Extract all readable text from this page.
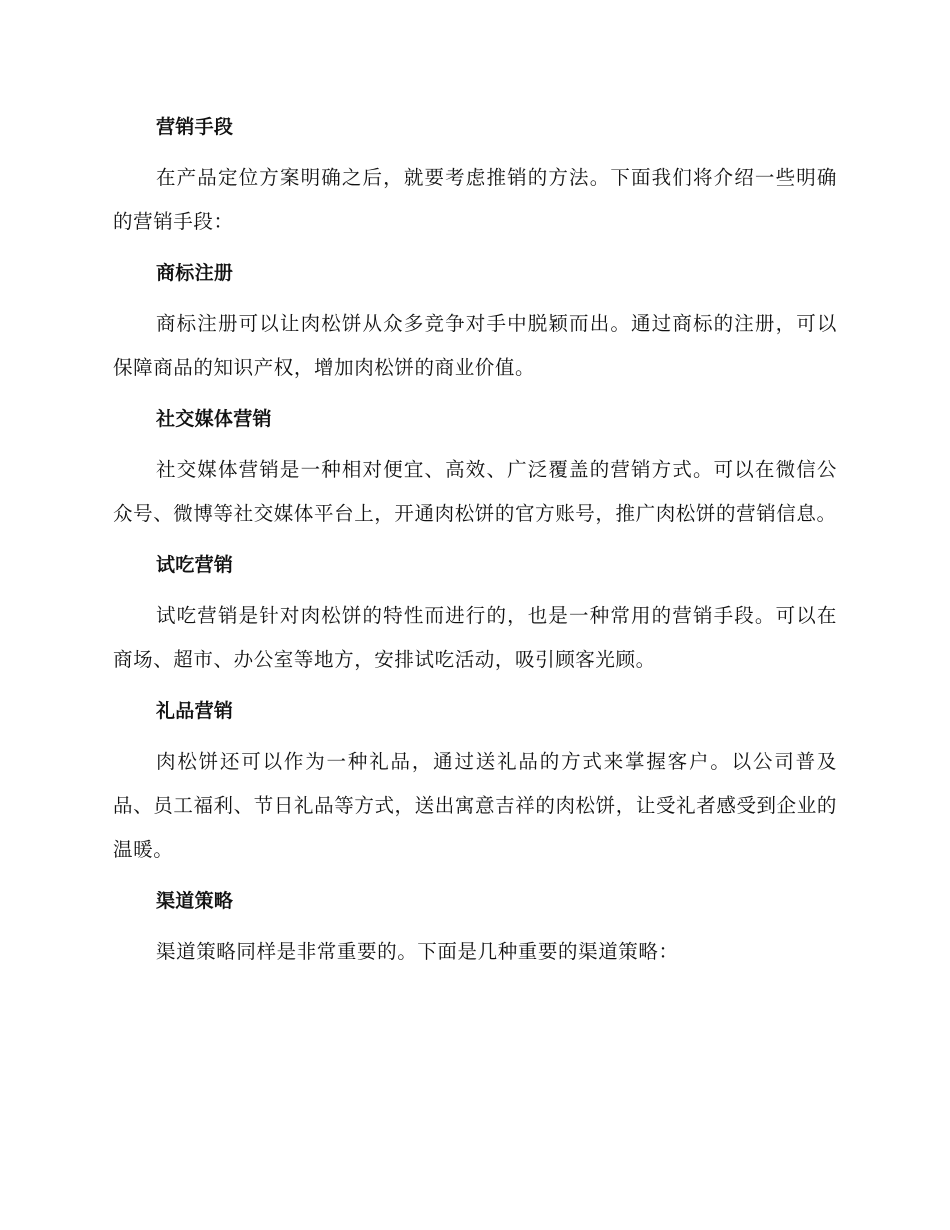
营销手段

在产品定位方案明确之后，就要考虑推销的方法。下面我们将介绍一些明确的营销手段：

商标注册

商标注册可以让肉松饼从众多竞争对手中脱颖而出。通过商标的注册，可以保障商品的知识产权，增加肉松饼的商业价值。

社交媒体营销

社交媒体营销是一种相对便宜、高效、广泛覆盖的营销方式。可以在微信公众号、微博等社交媒体平台上，开通肉松饼的官方账号，推广肉松饼的营销信息。

试吃营销

试吃营销是针对肉松饼的特性而进行的，也是一种常用的营销手段。可以在商场、超市、办公室等地方，安排试吃活动，吸引顾客光顾。

礼品营销

肉松饼还可以作为一种礼品，通过送礼品的方式来掌握客户。以公司普及品、员工福利、节日礼品等方式，送出寓意吉祥的肉松饼，让受礼者感受到企业的温暖。

渠道策略

渠道策略同样是非常重要的。下面是几种重要的渠道策略：
